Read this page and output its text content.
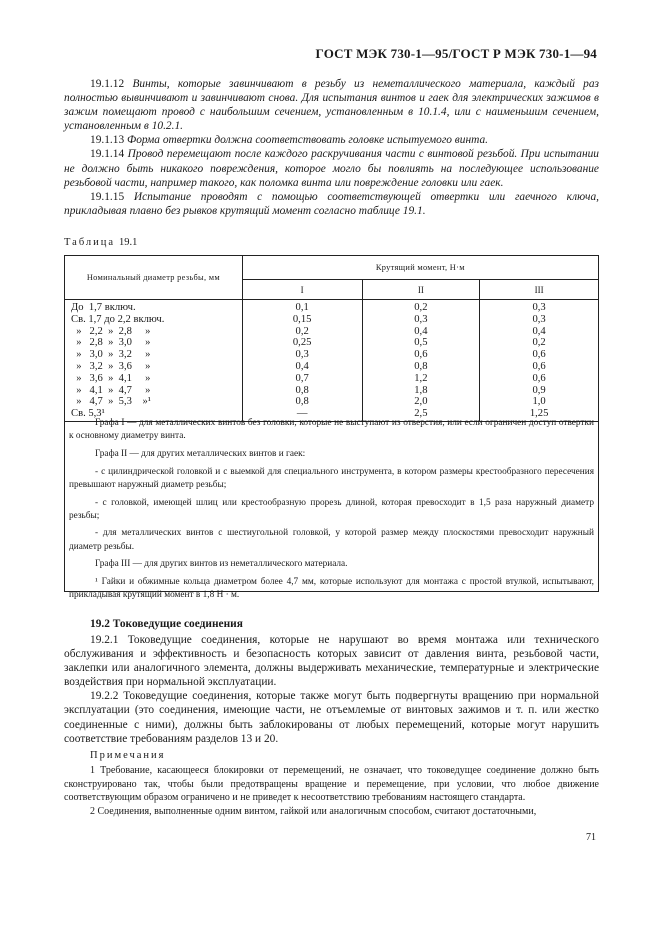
ГОСТ МЭК 730-1—95/ГОСТ Р МЭК 730-1—94

19.1.12 Винты, которые завинчивают в резьбу из неметаллического материала, каждый раз полностью вывинчивают и завинчивают снова. Для испытания винтов и гаек для электрических зажимов в зажим помещают провод с наибольшим сечением, установленным в 10.1.4, или с наименьшим сечением, установленным в 10.2.1.

19.1.13 Форма отвертки должна соответствовать головке испытуемого винта.

19.1.14 Провод перемещают после каждого раскручивания части с винтовой резьбой. При испытании не должно быть никакого повреждения, которое могло бы повлиять на последующее использование резьбовой части, например такого, как поломка винта или повреждение головки или гаек.

19.1.15 Испытание проводят с помощью соответствующей отвертки или гаечного ключа, прикладывая плавно без рывков крутящий момент согласно таблице 19.1.

Таблица 19.1
Номинальный диаметр резьбы, мм	Крутящий момент, Н·м		
	I	II	III
До  1,7 включ.	0,1	0,2	0,3
Св. 1,7 до 2,2 включ.	0,15	0,3	0,3
»   2,2  »  2,8     »	0,2	0,4	0,4
»   2,8  »  3,0     »	0,25	0,5	0,2
»   3,0  »  3,2     »	0,3	0,6	0,6
»   3,2  »  3,6     »	0,4	0,8	0,6
»   3,6  »  4,1     »	0,7	1,2	0,6
»   4,1  »  4,7     »	0,8	1,8	0,9
»   4,7  »  5,3    »¹	0,8	2,0	1,0
Св. 5,3¹	—	2,5	1,25

Графа I — для металлических винтов без головки, которые не выступают из отверстия, или если ограничен доступ отвертки к основному диаметру винта.

Графа II — для других металлических винтов и гаек:

- с цилиндрической головкой и с выемкой для специального инструмента, в котором размеры крестообразного пересечения превышают наружный диаметр резьбы;

- с головкой, имеющей шлиц или крестообразную прорезь длиной, которая превосходит в 1,5 раза наружный диаметр резьбы;

- для металлических винтов с шестиугольной головкой, у которой размер между плоскостями превосходит наружный диаметр резьбы.

Графа III — для других винтов из неметаллического материала.

¹ Гайки и обжимные кольца диаметром более 4,7 мм, которые используют для монтажа с простой втулкой, испытывают, прикладывая крутящий момент в 1,8 Н · м.

19.2 Токоведущие соединения

19.2.1 Токоведущие соединения, которые не нарушают во время монтажа или технического обслуживания и эффективность и безопасность которых зависит от давления винта, резьбовой части, заклепки или аналогичного элемента, должны выдерживать механические, температурные и электрические воздействия при нормальной эксплуатации.

19.2.2 Токоведущие соединения, которые также могут быть подвергнуты вращению при нормальной эксплуатации (это соединения, имеющие части, не отъемлемые от винтовых зажимов и т. п. или жестко соединенные с ними), должны быть заблокированы от любых перемещений, которые могут нарушить соответствие требованиям разделов 13 и 20.

Примечания

1 Требование, касающееся блокировки от перемещений, не означает, что токоведущее соединение должно быть сконструировано так, чтобы были предотвращены вращение и перемещение, при условии, что любое движение соответствующим образом ограничено и не приведет к несоответствию требованиям настоящего стандарта.

2 Соединения, выполненные одним винтом, гайкой или аналогичным способом, считают достаточными,

71
